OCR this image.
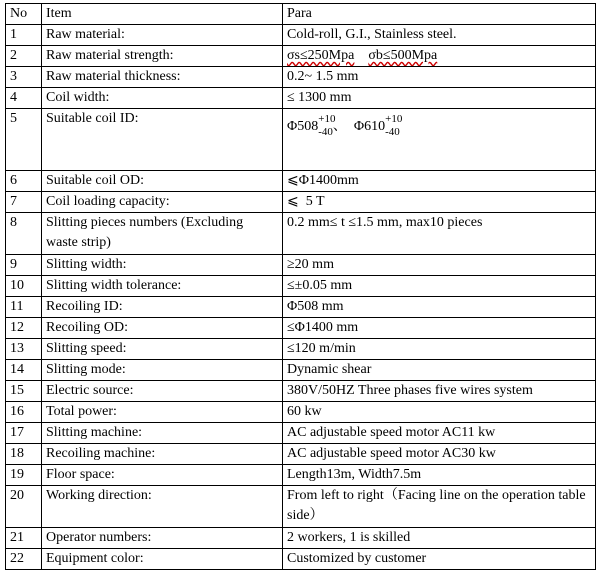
No	Item	Para
1	Raw material:	Cold-roll, G.I., Stainless steel.
2	Raw material strength:	σs≤250Mpa σb≤500Mpa
3	Raw material thickness:	0.2~ 1.5 mm
4	Coil width:	≤ 1300 mm
5	Suitable coil ID:	Φ508 +10
$_{-40}$、 Φ610 +10
$_{-40}$

6	Suitable coil OD:	⩽Φ1400mm
7	Coil loading capacity:	⩽  5 T
8	Slitting pieces numbers (Excluding waste strip)	0.2 mm≤ t ≤1.5 mm, max10 pieces
9	Slitting width:	≥20 mm
10	Slitting width tolerance:	≤±0.05 mm
11	Recoiling ID:	Φ508 mm
12	Recoiling OD:	≤Φ1400 mm
13	Slitting speed:	≤120 m/min
14	Slitting mode:	Dynamic shear
15	Electric source:	380V/50HZ Three phases five wires system
16	Total power:	60 kw
17	Slitting machine:	AC adjustable speed motor AC11 kw
18	Recoiling machine:	AC adjustable speed motor AC30 kw
19	Floor space:	Length13m, Width7.5m
20	Working direction:	From left to right（Facing line on the operation table side）
21	Operator numbers:	2 workers, 1 is skilled
22	Equipment color:	Customized by customer
